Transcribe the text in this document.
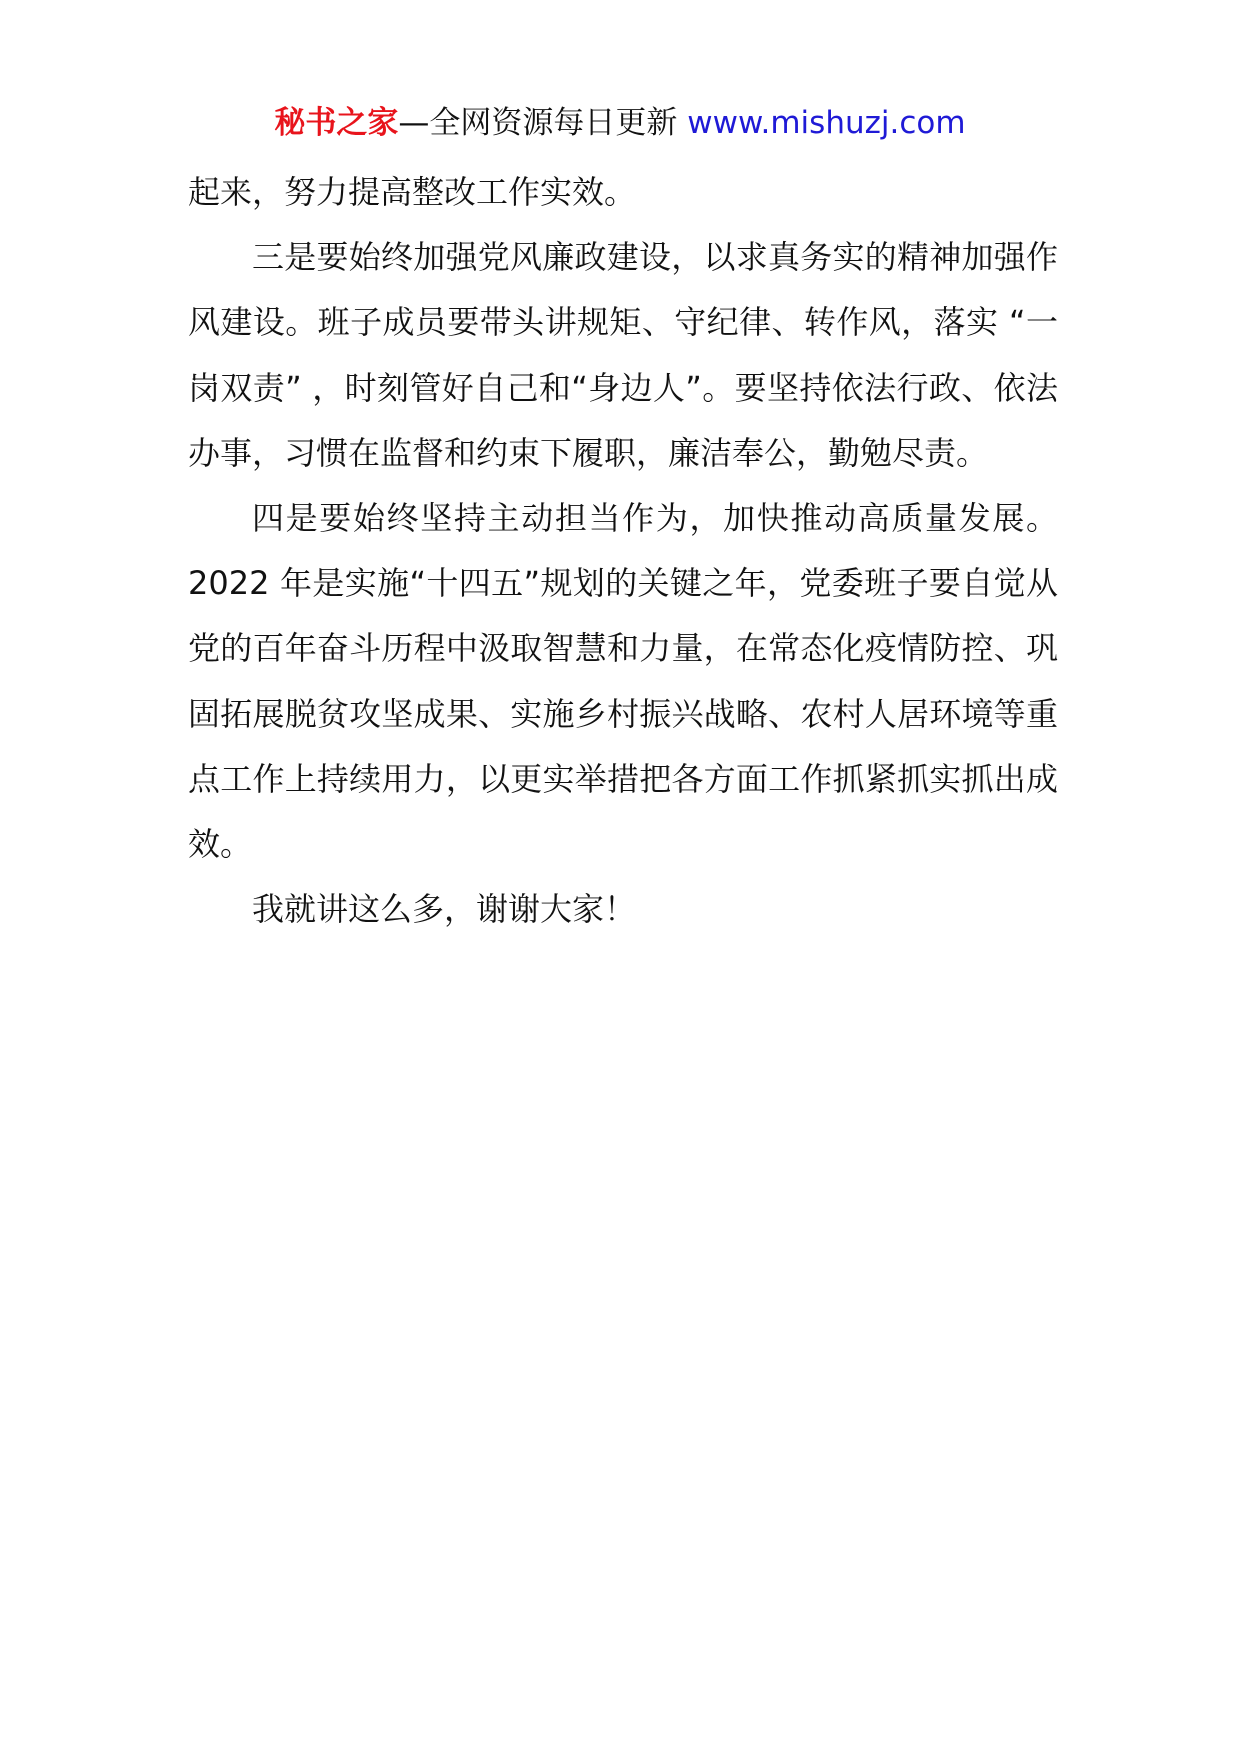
秘书之家—全网资源每日更新 www.mishuzj.com

起来，努力提高整改工作实效。

三是要始终加强党风廉政建设，以求真务实的精神加强作风建设。班子成员要带头讲规矩、守纪律、转作风，落实 “一岗双责” ，时刻管好自己和“身边人”。要坚持依法行政、依法办事，习惯在监督和约束下履职，廉洁奉公，勤勉尽责。

四是要始终坚持主动担当作为，加快推动高质量发展。2022 年是实施“十四五”规划的关键之年，党委班子要自觉从党的百年奋斗历程中汲取智慧和力量，在常态化疫情防控、巩固拓展脱贫攻坚成果、实施乡村振兴战略、农村人居环境等重点工作上持续用力，以更实举措把各方面工作抓紧抓实抓出成效。

我就讲这么多，谢谢大家！
